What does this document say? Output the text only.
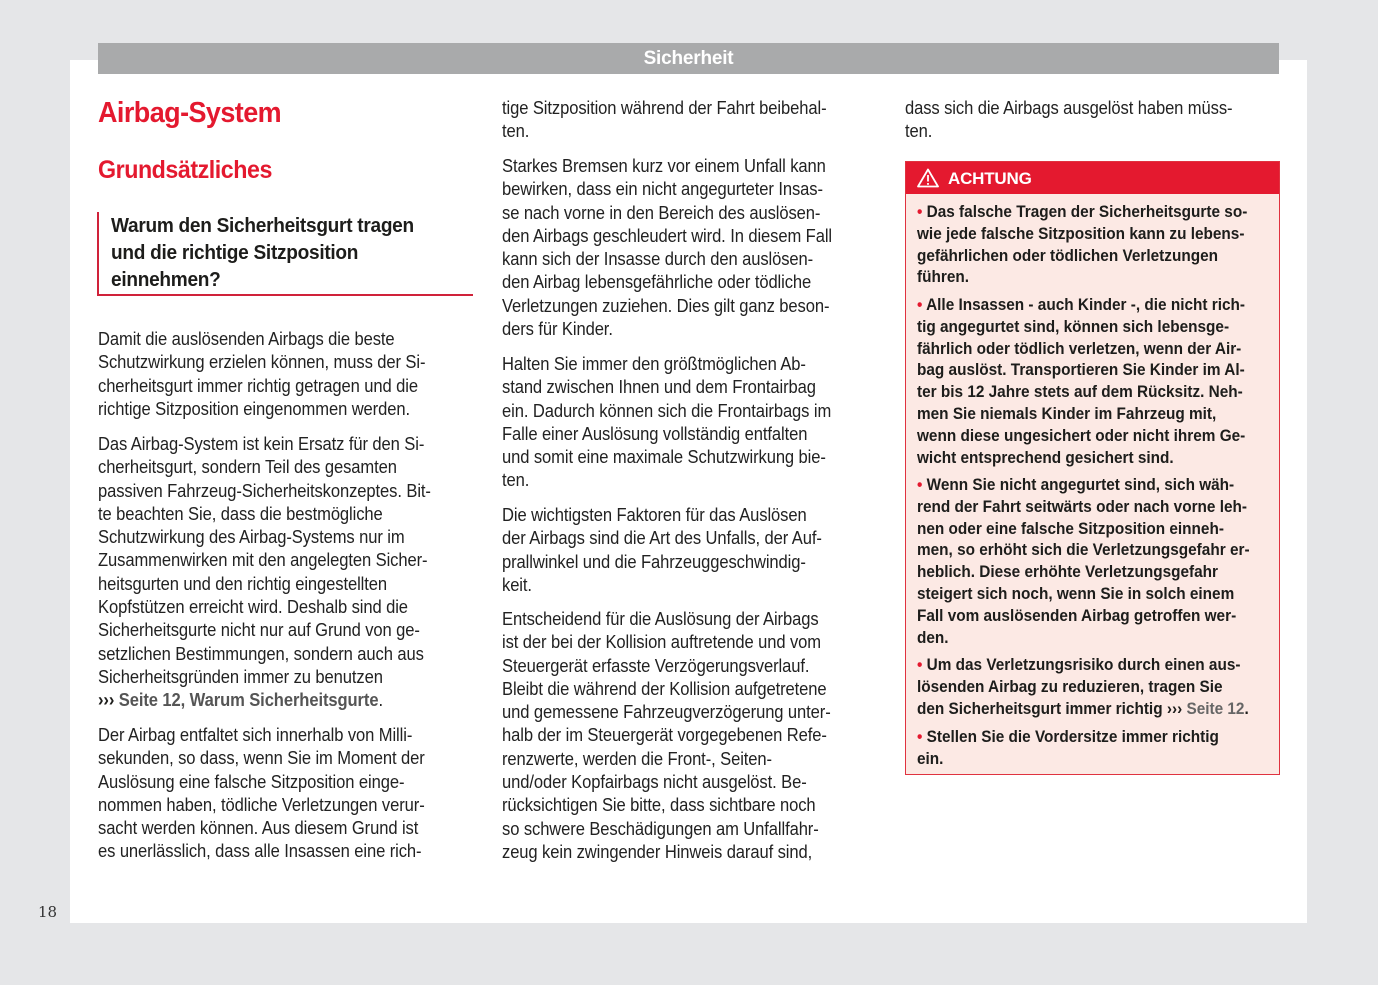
Sicherheit
Airbag-System
Grundsätzliches
Warum den Sicherheitsgurt tragen
und die richtige Sitzposition
einnehmen?
Damit die auslösenden Airbags die beste
Schutzwirkung erzielen können, muss der Si-
cherheitsgurt immer richtig getragen und die
richtige Sitzposition eingenommen werden.
Das Airbag-System ist kein Ersatz für den Si-
cherheitsgurt, sondern Teil des gesamten
passiven Fahrzeug-Sicherheitskonzeptes. Bit-
te beachten Sie, dass die bestmögliche
Schutzwirkung des Airbag-Systems nur im
Zusammenwirken mit den angelegten Sicher-
heitsgurten und den richtig eingestellten
Kopfstützen erreicht wird. Deshalb sind die
Sicherheitsgurte nicht nur auf Grund von ge-
setzlichen Bestimmungen, sondern auch aus
Sicherheitsgründen immer zu benutzen
››› Seite 12, Warum Sicherheitsgurte.
Der Airbag entfaltet sich innerhalb von Milli-
sekunden, so dass, wenn Sie im Moment der
Auslösung eine falsche Sitzposition einge-
nommen haben, tödliche Verletzungen verur-
sacht werden können. Aus diesem Grund ist
es unerlässlich, dass alle Insassen eine rich-
tige Sitzposition während der Fahrt beibehal-
ten.
Starkes Bremsen kurz vor einem Unfall kann
bewirken, dass ein nicht angegurteter Insas-
se nach vorne in den Bereich des auslösen-
den Airbags geschleudert wird. In diesem Fall
kann sich der Insasse durch den auslösen-
den Airbag lebensgefährliche oder tödliche
Verletzungen zuziehen. Dies gilt ganz beson-
ders für Kinder.
Halten Sie immer den größtmöglichen Ab-
stand zwischen Ihnen und dem Frontairbag
ein. Dadurch können sich die Frontairbags im
Falle einer Auslösung vollständig entfalten
und somit eine maximale Schutzwirkung bie-
ten.
Die wichtigsten Faktoren für das Auslösen
der Airbags sind die Art des Unfalls, der Auf-
prallwinkel und die Fahrzeuggeschwindig-
keit.
Entscheidend für die Auslösung der Airbags
ist der bei der Kollision auftretende und vom
Steuergerät erfasste Verzögerungsverlauf.
Bleibt die während der Kollision aufgetretene
und gemessene Fahrzeugverzögerung unter-
halb der im Steuergerät vorgegebenen Refe-
renzwerte, werden die Front-, Seiten-
und/oder Kopfairbags nicht ausgelöst. Be-
rücksichtigen Sie bitte, dass sichtbare noch
so schwere Beschädigungen am Unfallfahr-
zeug kein zwingender Hinweis darauf sind,
dass sich die Airbags ausgelöst haben müss-
ten.
ACHTUNG
• Das falsche Tragen der Sicherheitsgurte so-
wie jede falsche Sitzposition kann zu lebens-
gefährlichen oder tödlichen Verletzungen
führen.
• Alle Insassen - auch Kinder -, die nicht rich-
tig angegurtet sind, können sich lebensge-
fährlich oder tödlich verletzen, wenn der Air-
bag auslöst. Transportieren Sie Kinder im Al-
ter bis 12 Jahre stets auf dem Rücksitz. Neh-
men Sie niemals Kinder im Fahrzeug mit,
wenn diese ungesichert oder nicht ihrem Ge-
wicht entsprechend gesichert sind.
• Wenn Sie nicht angegurtet sind, sich wäh-
rend der Fahrt seitwärts oder nach vorne leh-
nen oder eine falsche Sitzposition einneh-
men, so erhöht sich die Verletzungsgefahr er-
heblich. Diese erhöhte Verletzungsgefahr
steigert sich noch, wenn Sie in solch einem
Fall vom auslösenden Airbag getroffen wer-
den.
• Um das Verletzungsrisiko durch einen aus-
lösenden Airbag zu reduzieren, tragen Sie
den Sicherheitsgurt immer richtig ››› Seite 12.
• Stellen Sie die Vordersitze immer richtig
ein.
18
